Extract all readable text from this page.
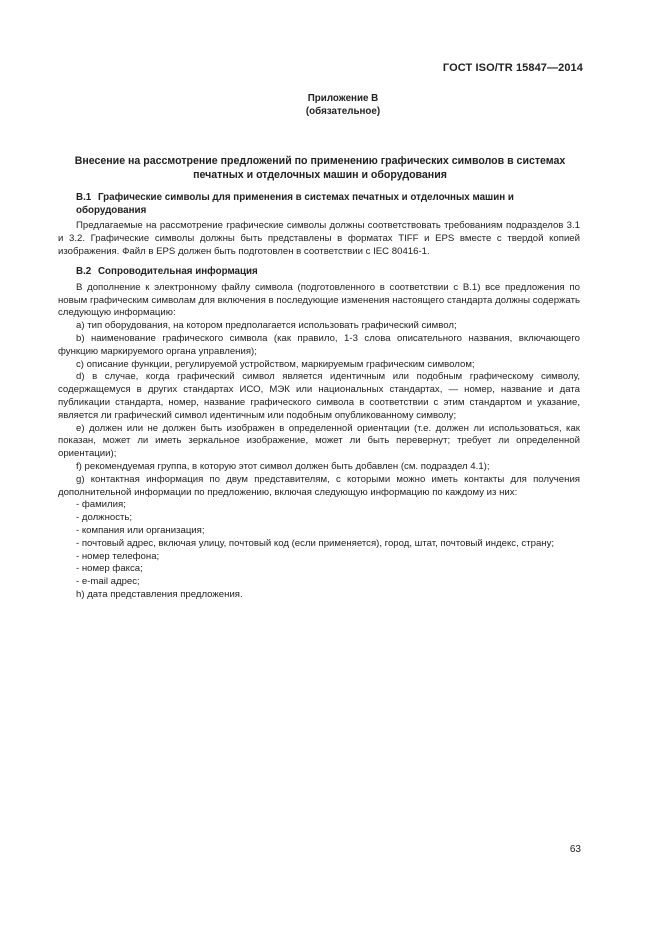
ГОСТ ISO/TR 15847—2014
Приложение B
(обязательное)
Внесение на рассмотрение предложений по применению графических символов в системах
печатных и отделочных машин и оборудования
B.1 Графические символы для применения в системах печатных и отделочных машин и
оборудования

Предлагаемые на рассмотрение графические символы должны соответствовать требованиям подразделов 3.1 и 3.2. Графические символы должны быть представлены в форматах TIFF и EPS вместе с твердой копией изображения. Файл в EPS должен быть подготовлен в соответствии с IEC 80416-1.

B.2 Сопроводительная информация

В дополнение к электронному файлу символа (подготовленного в соответствии с B.1) все предложения по новым графическим символам для включения в последующие изменения настоящего стандарта должны содержать следующую информацию:

a) тип оборудования, на котором предполагается использовать графический символ;

b) наименование графического символа (как правило, 1-3 слова описательного названия, включающего функцию маркируемого органа управления);

c) описание функции, регулируемой устройством, маркируемым графическим символом;

d) в случае, когда графический символ является идентичным или подобным графическому символу, содержащемуся в других стандартах ИСО, МЭК или национальных стандартах, — номер, название и дата публикации стандарта, номер, название графического символа в соответствии с этим стандартом и указание, является ли графический символ идентичным или подобным опубликованному символу;

e) должен или не должен быть изображен в определенной ориентации (т.е. должен ли использоваться, как показан, может ли иметь зеркальное изображение, может ли быть перевернут; требует ли определенной ориентации);

f) рекомендуемая группа, в которую этот символ должен быть добавлен (см. подраздел 4.1);

g) контактная информация по двум представителям, с которыми можно иметь контакты для получения дополнительной информации по предложению, включая следующую информацию по каждому из них:

- фамилия;

- должность;

- компания или организация;

- почтовый адрес, включая улицу, почтовый код (если применяется), город, штат, почтовый индекс, страну;

- номер телефона;

- номер факса;

- e-mail адрес;

h) дата представления предложения.

63
